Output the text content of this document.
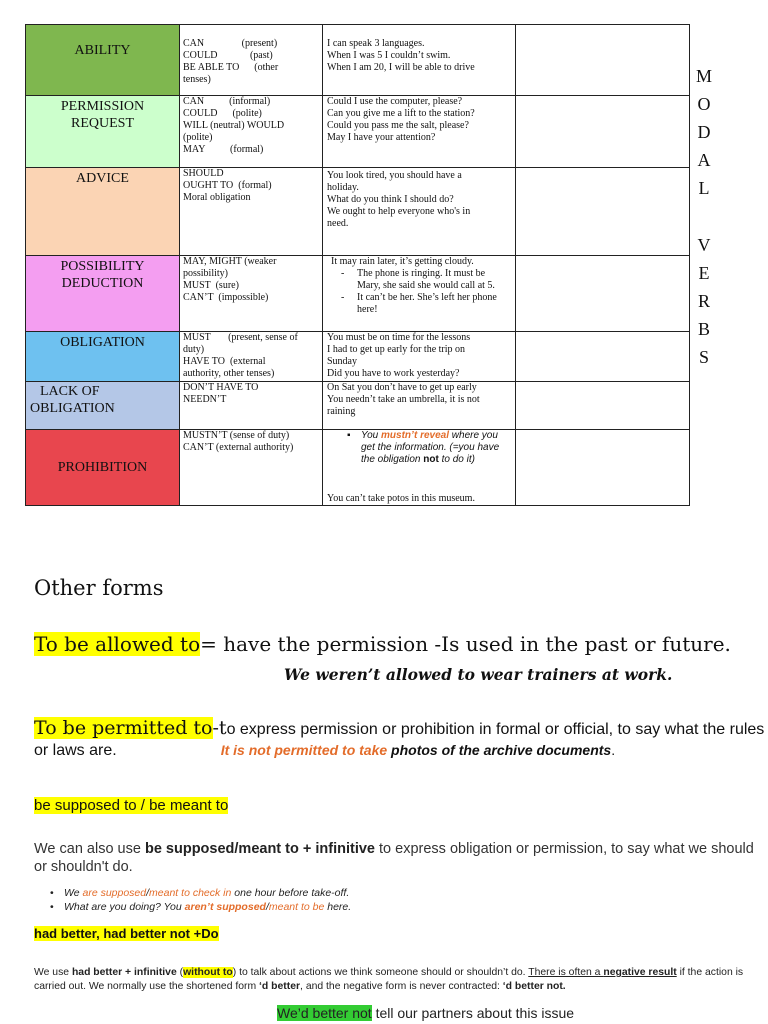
ABILITY	CAN               (present)
COULD             (past)
BE ABLE TO      (other
tenses)	I can speak 3 languages.
When I was 5 I couldn’t swim.
When I am 20, I will be able to drive	

PERMISSION
REQUEST	CAN          (informal)
COULD      (polite)
WILL (neutral) WOULD
(polite)
MAY          (formal)	Could I use the computer, please?
Can you give me a lift to the station?
Could you pass me the salt, please?
May I have your attention?	

ADVICE	SHOULD
OUGHT TO  (formal)
Moral obligation	You look tired, you should have a
holiday.
What do you think I should do?
We ought to help everyone who's in
need.	

POSSIBILITY
DEDUCTION	MAY, MIGHT (weaker
possibility)
MUST  (sure)
CAN’T  (impossible)	It may rain later, it’s getting cloudy.
- The phone is ringing. It must be Mary, she said she would call at 5.
- It can’t be her. She’s left her phone here!	

OBLIGATION	MUST       (present, sense of
duty)
HAVE TO  (external
authority, other tenses)	You must be on time for the lessons
I had to get up early for the trip on
Sunday
Did you have to work yesterday?	

LACK OF
OBLIGATION	DON’T HAVE TO
NEEDN’T	On Sat you don’t have to get up early
You needn’t take an umbrella, it is not
raining	

PROHIBITION	MUSTN’T (sense of duty)
CAN’T (external authority)	▪ You mustn’t reveal where you get the information. (=you have the obligation not to do it)
You can’t take potos in this museum.	

M
O
D
A
L
V
E
R
B
S
Other forms
To be allowed to= have the permission -Is used in the past or future.
We weren’t allowed to wear trainers at work.
To be permitted to-to express permission or prohibition in formal or official, to say what the rules or laws are.	It is not permitted to take photos of the archive documents.
be supposed to / be meant to
We can also use be supposed/meant to + infinitive to express obligation or permission, to say what we should or shouldn't do.
• We are supposed/meant to check in one hour before take-off.
• What are you doing? You aren’t supposed/meant to be here.
had better, had better not +Do
We use had better + infinitive (without to) to talk about actions we think someone should or shouldn’t do. There is often a negative result if the action is carried out. We normally use the shortened form ‘d better, and the negative form is never contracted: ‘d better not.
We’d better not tell our partners about this issue
